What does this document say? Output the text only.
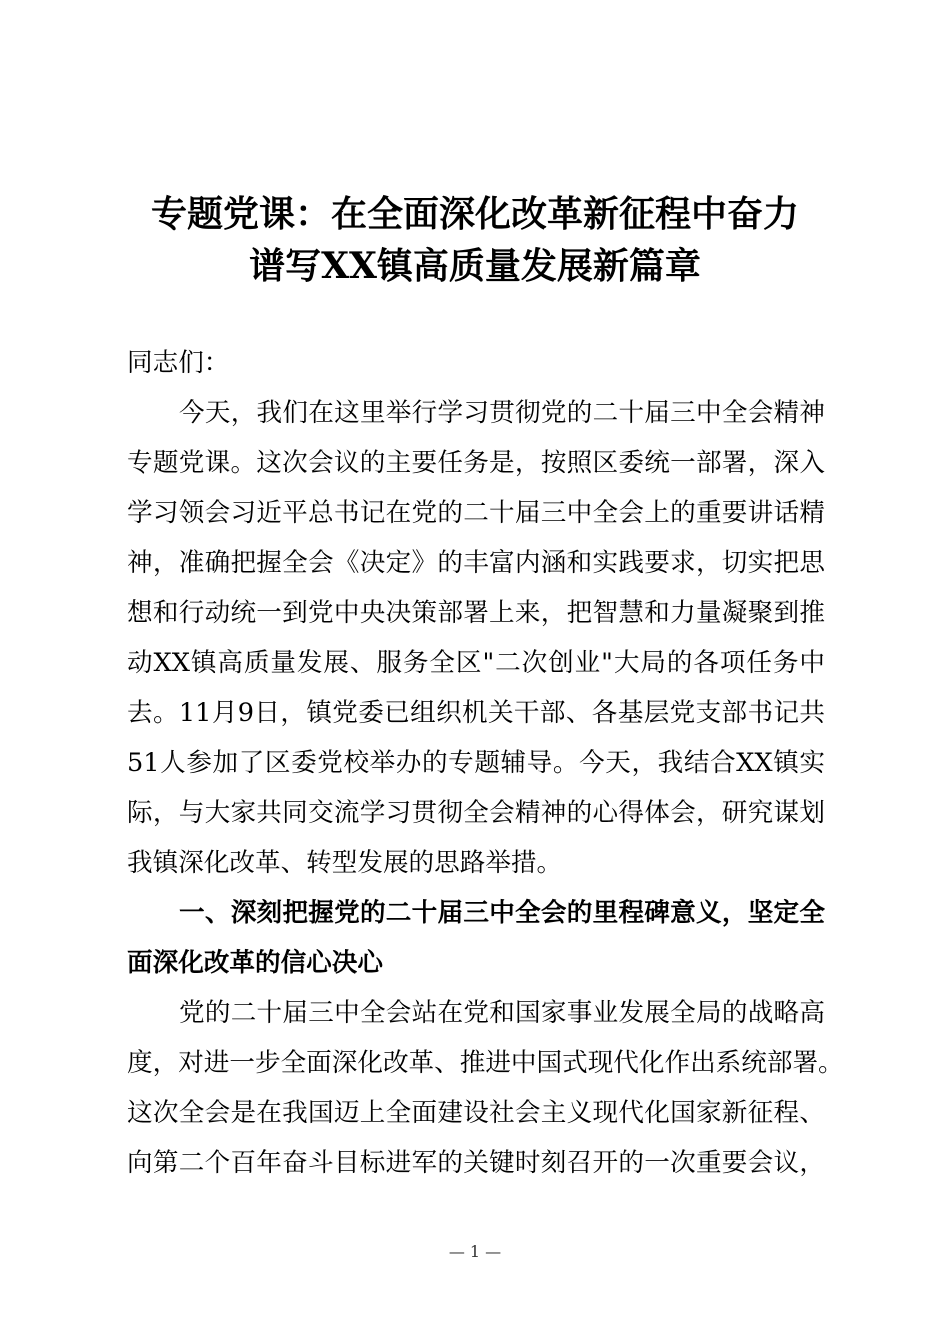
专题党课：在全面深化改革新征程中奋力
谱写XX镇高质量发展新篇章
同志们：
今天，我们在这里举行学习贯彻党的二十届三中全会精神
专题党课。这次会议的主要任务是，按照区委统一部署，深入
学习领会习近平总书记在党的二十届三中全会上的重要讲话精
神，准确把握全会《决定》的丰富内涵和实践要求，切实把思
想和行动统一到党中央决策部署上来，把智慧和力量凝聚到推
动XX镇高质量发展、服务全区"二次创业"大局的各项任务中
去。11月9日，镇党委已组织机关干部、各基层党支部书记共
51人参加了区委党校举办的专题辅导。今天，我结合XX镇实
际，与大家共同交流学习贯彻全会精神的心得体会，研究谋划
我镇深化改革、转型发展的思路举措。
一、深刻把握党的二十届三中全会的里程碑意义，坚定全
面深化改革的信心决心
党的二十届三中全会站在党和国家事业发展全局的战略高
度，对进一步全面深化改革、推进中国式现代化作出系统部署。
这次全会是在我国迈上全面建设社会主义现代化国家新征程、
向第二个百年奋斗目标进军的关键时刻召开的一次重要会议，
— 1 —
